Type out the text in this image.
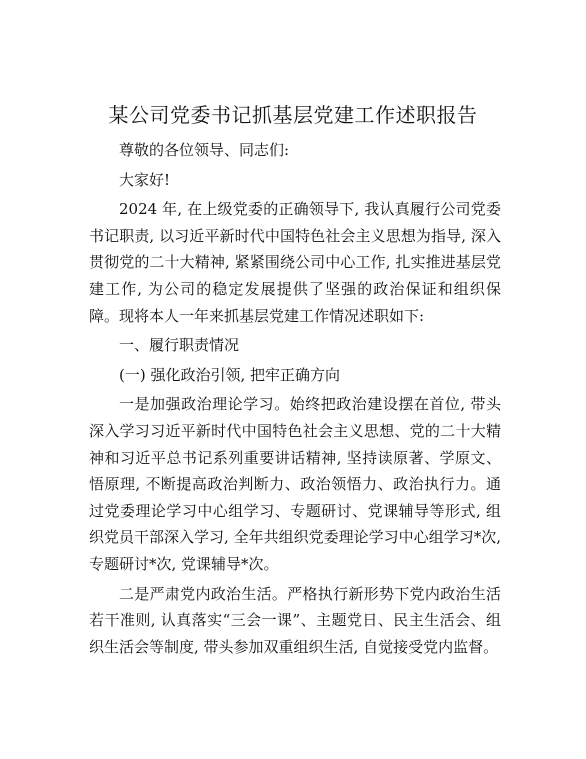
某公司党委书记抓基层党建工作述职报告

尊敬的各位领导、同志们:

大家好!

2024 年, 在上级党委的正确领导下, 我认真履行公司党委书记职责, 以习近平新时代中国特色社会主义思想为指导, 深入贯彻党的二十大精神, 紧紧围绕公司中心工作, 扎实推进基层党建工作, 为公司的稳定发展提供了坚强的政治保证和组织保障。现将本人一年来抓基层党建工作情况述职如下:

一、履行职责情况

(一) 强化政治引领, 把牢正确方向

一是加强政治理论学习。始终把政治建设摆在首位, 带头深入学习习近平新时代中国特色社会主义思想、党的二十大精神和习近平总书记系列重要讲话精神, 坚持读原著、学原文、悟原理, 不断提高政治判断力、政治领悟力、政治执行力。通过党委理论学习中心组学习、专题研讨、党课辅导等形式, 组织党员干部深入学习, 全年共组织党委理论学习中心组学习*次, 专题研讨*次, 党课辅导*次。

二是严肃党内政治生活。严格执行新形势下党内政治生活若干准则, 认真落实“三会一课”、主题党日、民主生活会、组织生活会等制度, 带头参加双重组织生活, 自觉接受党内监督。
